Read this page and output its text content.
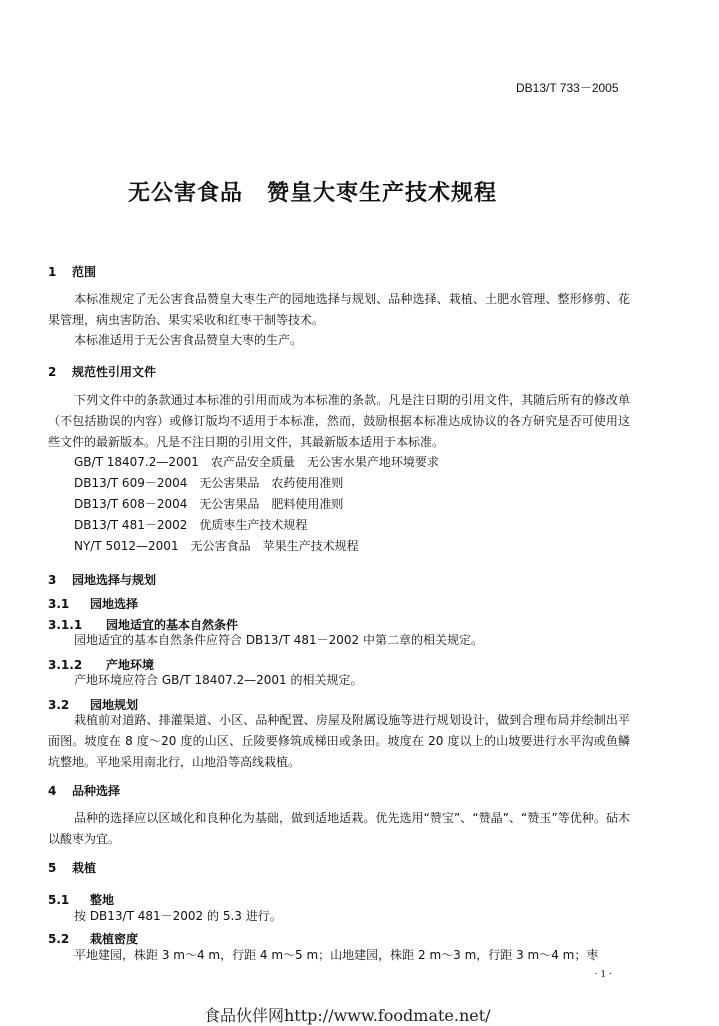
DB13/T 733－2005
无公害食品 赞皇大枣生产技术规程
1 范围
本标准规定了无公害食品赞皇大枣生产的园地选择与规划、品种选择、栽植、土肥水管理、整形修剪、花果管理，病虫害防治、果实采收和红枣干制等技术。
本标准适用于无公害食品赞皇大枣的生产。
2 规范性引用文件
下列文件中的条款通过本标准的引用而成为本标准的条款。凡是注日期的引用文件，其随后所有的修改单（不包括勘误的内容）或修订版均不适用于本标准，然而，鼓励根据本标准达成协议的各方研究是否可使用这些文件的最新版本。凡是不注日期的引用文件，其最新版本适用于本标准。
GB/T 18407.2—2001　农产品安全质量　无公害水果产地环境要求
DB13/T 609－2004　无公害果品　农药使用准则
DB13/T 608－2004　无公害果品　肥料使用准则
DB13/T 481－2002　优质枣生产技术规程
NY/T 5012—2001　无公害食品　苹果生产技术规程
3 园地选择与规划
3.1 园地选择
3.1.1 园地适宜的基本自然条件
园地适宜的基本自然条件应符合 DB13/T 481－2002 中第二章的相关规定。
3.1.2 产地环境
产地环境应符合 GB/T 18407.2—2001 的相关规定。
3.2 园地规划
栽植前对道路、排灌渠道、小区、品种配置、房屋及附属设施等进行规划设计，做到合理布局并绘制出平面图。坡度在 8 度～20 度的山区、丘陵要修筑成梯田或条田。坡度在 20 度以上的山坡要进行水平沟或鱼鳞坑整地。平地采用南北行，山地沿等高线栽植。
4 品种选择
品种的选择应以区域化和良种化为基础，做到适地适栽。优先选用“赞宝”、“赞晶”、“赞玉”等优种。砧木以酸枣为宜。
5 栽植
5.1 整地
按 DB13/T 481－2002 的 5.3 进行。
5.2 栽植密度
平地建园，株距 3 m～4 m，行距 4 m～5 m；山地建园，株距 2 m～3 m，行距 3 m～4 m；枣
· 1 ·
食品伙伴网http://www.foodmate.net/
